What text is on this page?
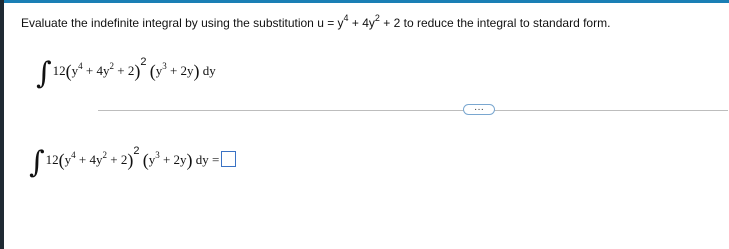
Evaluate the indefinite integral by using the substitution $u = y^4 + 4y^2 + 2$ to reduce the integral to standard form.
$\int 12(y^4 + 4y^2 + 2)^2$ $(y^3 + 2y)$ dy
···
$\int 12(y^4 + 4y^2 + 2)^2$ $(y^3 + 2y)$ dy =
